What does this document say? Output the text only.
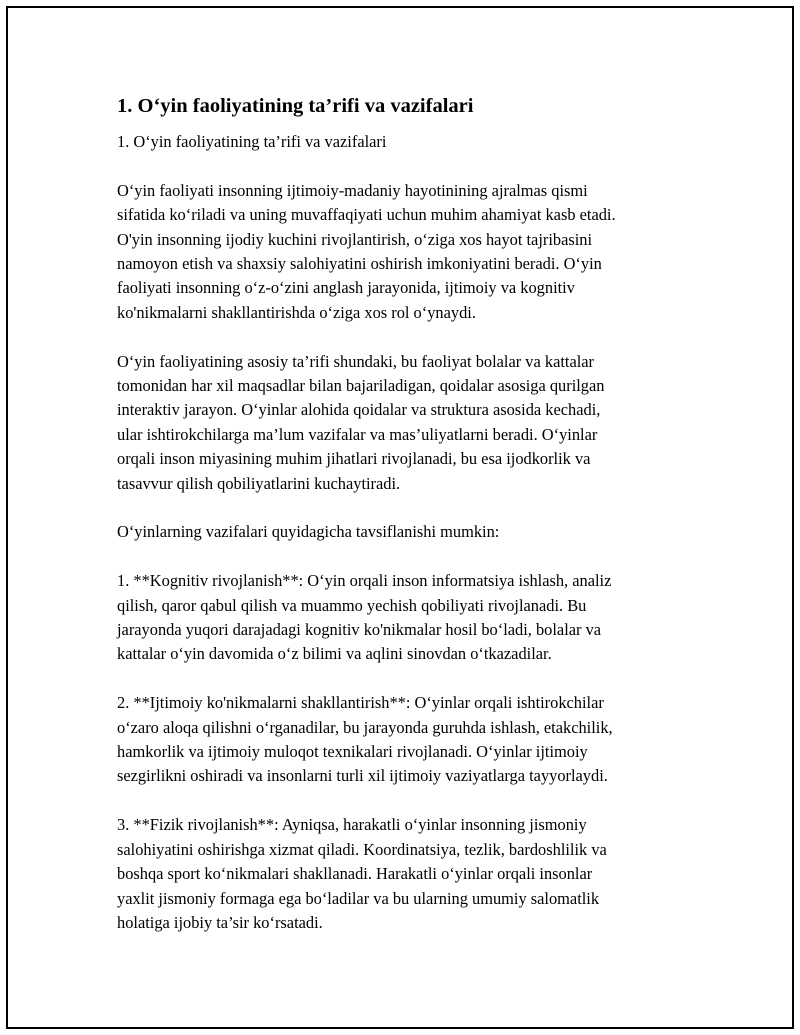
1. O‘yin faoliyatining ta’rifi va vazifalari

1. O‘yin faoliyatining ta’rifi va vazifalari

O‘yin faoliyati insonning ijtimoiy-madaniy hayotinining ajralmas qismi
sifatida ko‘riladi va uning muvaffaqiyati uchun muhim ahamiyat kasb etadi.
O'yin insonning ijodiy kuchini rivojlantirish, o‘ziga xos hayot tajribasini
namoyon etish va shaxsiy salohiyatini oshirish imkoniyatini beradi. O‘yin
faoliyati insonning o‘z-o‘zini anglash jarayonida, ijtimoiy va kognitiv
ko'nikmalarni shakllantirishda o‘ziga xos rol o‘ynaydi.

O‘yin faoliyatining asosiy ta’rifi shundaki, bu faoliyat bolalar va kattalar
tomonidan har xil maqsadlar bilan bajariladigan, qoidalar asosiga qurilgan
interaktiv jarayon. O‘yinlar alohida qoidalar va struktura asosida kechadi,
ular ishtirokchilarga ma’lum vazifalar va mas’uliyatlarni beradi. O‘yinlar
orqali inson miyasining muhim jihatlari rivojlanadi, bu esa ijodkorlik va
tasavvur qilish qobiliyatlarini kuchaytiradi.

O‘yinlarning vazifalari quyidagicha tavsiflanishi mumkin:

1. **Kognitiv rivojlanish**: O‘yin orqali inson informatsiya ishlash, analiz
qilish, qaror qabul qilish va muammo yechish qobiliyati rivojlanadi. Bu
jarayonda yuqori darajadagi kognitiv ko'nikmalar hosil bo‘ladi, bolalar va
kattalar o‘yin davomida o‘z bilimi va aqlini sinovdan o‘tkazadilar.

2. **Ijtimoiy ko'nikmalarni shakllantirish**: O‘yinlar orqali ishtirokchilar
o‘zaro aloqa qilishni o‘rganadilar, bu jarayonda guruhda ishlash, etakchilik,
hamkorlik va ijtimoiy muloqot texnikalari rivojlanadi. O‘yinlar ijtimoiy
sezgirlikni oshiradi va insonlarni turli xil ijtimoiy vaziyatlarga tayyorlaydi.

3. **Fizik rivojlanish**: Ayniqsa, harakatli o‘yinlar insonning jismoniy
salohiyatini oshirishga xizmat qiladi. Koordinatsiya, tezlik, bardoshlilik va
boshqa sport ko‘nikmalari shakllanadi. Harakatli o‘yinlar orqali insonlar
yaxlit jismoniy formaga ega bo‘ladilar va bu ularning umumiy salomatlik
holatiga ijobiy ta’sir ko‘rsatadi.
